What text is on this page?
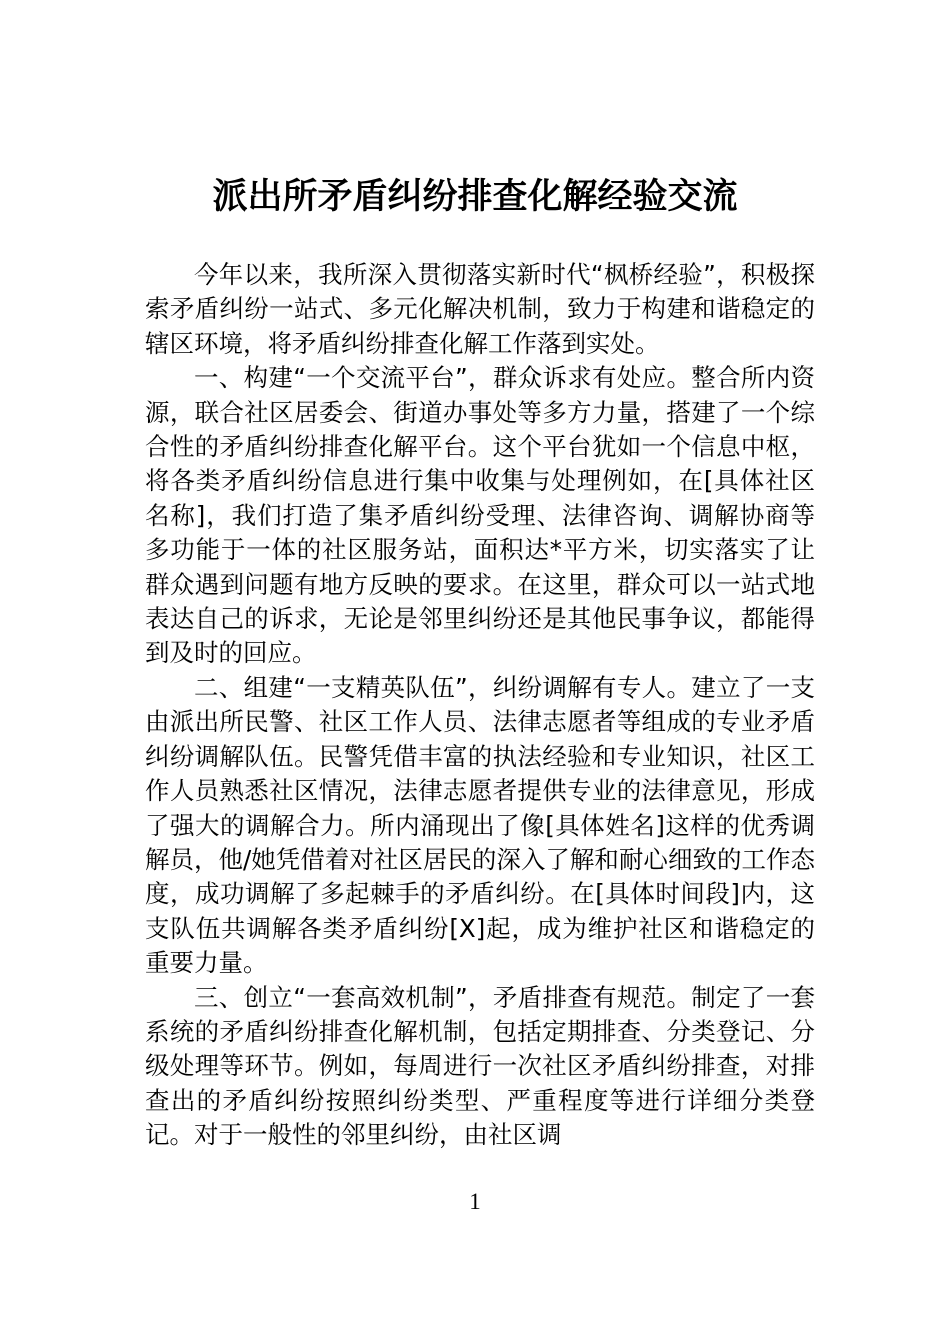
派出所矛盾纠纷排查化解经验交流

今年以来，我所深入贯彻落实新时代“枫桥经验”，积极探索矛盾纠纷一站式、多元化解决机制，致力于构建和谐稳定的辖区环境，将矛盾纠纷排查化解工作落到实处。

一、构建“一个交流平台”，群众诉求有处应。整合所内资源，联合社区居委会、街道办事处等多方力量，搭建了一个综合性的矛盾纠纷排查化解平台。这个平台犹如一个信息中枢，将各类矛盾纠纷信息进行集中收集与处理例如，在[具体社区名称]，我们打造了集矛盾纠纷受理、法律咨询、调解协商等多功能于一体的社区服务站，面积达*平方米，切实落实了让群众遇到问题有地方反映的要求。在这里，群众可以一站式地表达自己的诉求，无论是邻里纠纷还是其他民事争议，都能得到及时的回应。

二、组建“一支精英队伍”，纠纷调解有专人。建立了一支由派出所民警、社区工作人员、法律志愿者等组成的专业矛盾纠纷调解队伍。民警凭借丰富的执法经验和专业知识，社区工作人员熟悉社区情况，法律志愿者提供专业的法律意见，形成了强大的调解合力。所内涌现出了像[具体姓名]这样的优秀调解员，他/她凭借着对社区居民的深入了解和耐心细致的工作态度，成功调解了多起棘手的矛盾纠纷。在[具体时间段]内，这支队伍共调解各类矛盾纠纷[X]起，成为维护社区和谐稳定的重要力量。

三、创立“一套高效机制”，矛盾排查有规范。制定了一套系统的矛盾纠纷排查化解机制，包括定期排查、分类登记、分级处理等环节。例如，每周进行一次社区矛盾纠纷排查，对排查出的矛盾纠纷按照纠纷类型、严重程度等进行详细分类登记。对于一般性的邻里纠纷，由社区调

1
